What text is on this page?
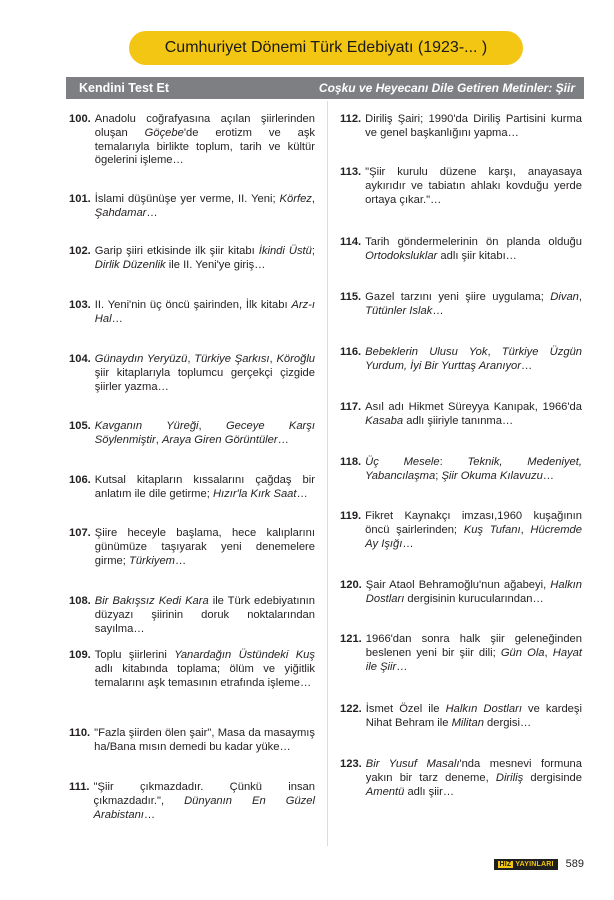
Cumhuriyet Dönemi Türk Edebiyatı (1923-... )
Kendini Test Et	Coşku ve Heyecanı Dile Getiren Metinler: Şiir
100. Anadolu coğrafyasına açılan şiirlerinden oluşan Göçebe'de erotizm ve aşk temalarıyla birlikte toplum, tarih ve kültür ögelerini işleme…
101. İslami düşünüşe yer verme, II. Yeni; Körfez, Şahdamar…
102. Garip şiiri etkisinde ilk şiir kitabı İkindi Üstü; Dirlik Düzenlik ile II. Yeni'ye giriş…
103. II. Yeni'nin üç öncü şairinden, İlk kitabı Arz-ı Hal…
104. Günaydın Yeryüzü, Türkiye Şarkısı, Köroğlu şiir kitaplarıyla toplumcu gerçekçi çizgide şiirler yazma…
105. Kavganın Yüreği, Geceye Karşı Söylenmiştir, Araya Giren Görüntüler…
106. Kutsal kitapların kıssalarını çağdaş bir anlatım ile dile getirme; Hızır'la Kırk Saat…
107. Şiire heceyle başlama, hece kalıplarını günümüze taşıyarak yeni denemelere girme; Türkiyem…
108. Bir Bakışsız Kedi Kara ile Türk edebiyatının düzyazı şiirinin doruk noktalarından sayılma…
109. Toplu şiirlerini Yanardağın Üstündeki Kuş adlı kitabında toplama; ölüm ve yiğitlik temalarını aşk temasının etrafında işleme…
110. "Fazla şiirden ölen şair", Masa da masaymış ha/Bana mısın demedi bu kadar yüke…
111. "Şiir çıkmazdadır. Çünkü insan çıkmazdadır.", Dünyanın En Güzel Arabistanı…
112. Diriliş Şairi; 1990'da Diriliş Partisini kurma ve genel başkanlığını yapma…
113. "Şiir kurulu düzene karşı, anayasaya aykırıdır ve tabiatın ahlakı kovduğu yerde ortaya çıkar."…
114. Tarih göndermelerinin ön planda olduğu Ortodoksluklar adlı şiir kitabı…
115. Gazel tarzını yeni şiire uygulama; Divan, Tütünler Islak…
116. Bebeklerin Ulusu Yok, Türkiye Üzgün Yurdum, İyi Bir Yurttaş Aranıyor…
117. Asıl adı Hikmet Süreyya Kanıpak, 1966'da Kasaba adlı şiiriyle tanınma…
118. Üç Mesele: Teknik, Medeniyet, Yabancılaşma; Şiir Okuma Kılavuzu…
119. Fikret Kaynakçı imzası,1960 kuşağının öncü şairlerinden; Kuş Tufanı, Hücremde Ay Işığı…
120. Şair Ataol Behramoğlu'nun ağabeyi, Halkın Dostları dergisinin kurucularından…
121. 1966'dan sonra halk şiir geleneğinden beslenen yeni bir şiir dili; Gün Ola, Hayat ile Şiir…
122. İsmet Özel ile Halkın Dostları ve kardeşi Nihat Behram ile Militan dergisi…
123. Bir Yusuf Masalı'nda mesnevi formuna yakın bir tarz deneme, Diriliş dergisinde Amentü adlı şiir…
HIZ YAYINLARI 589
